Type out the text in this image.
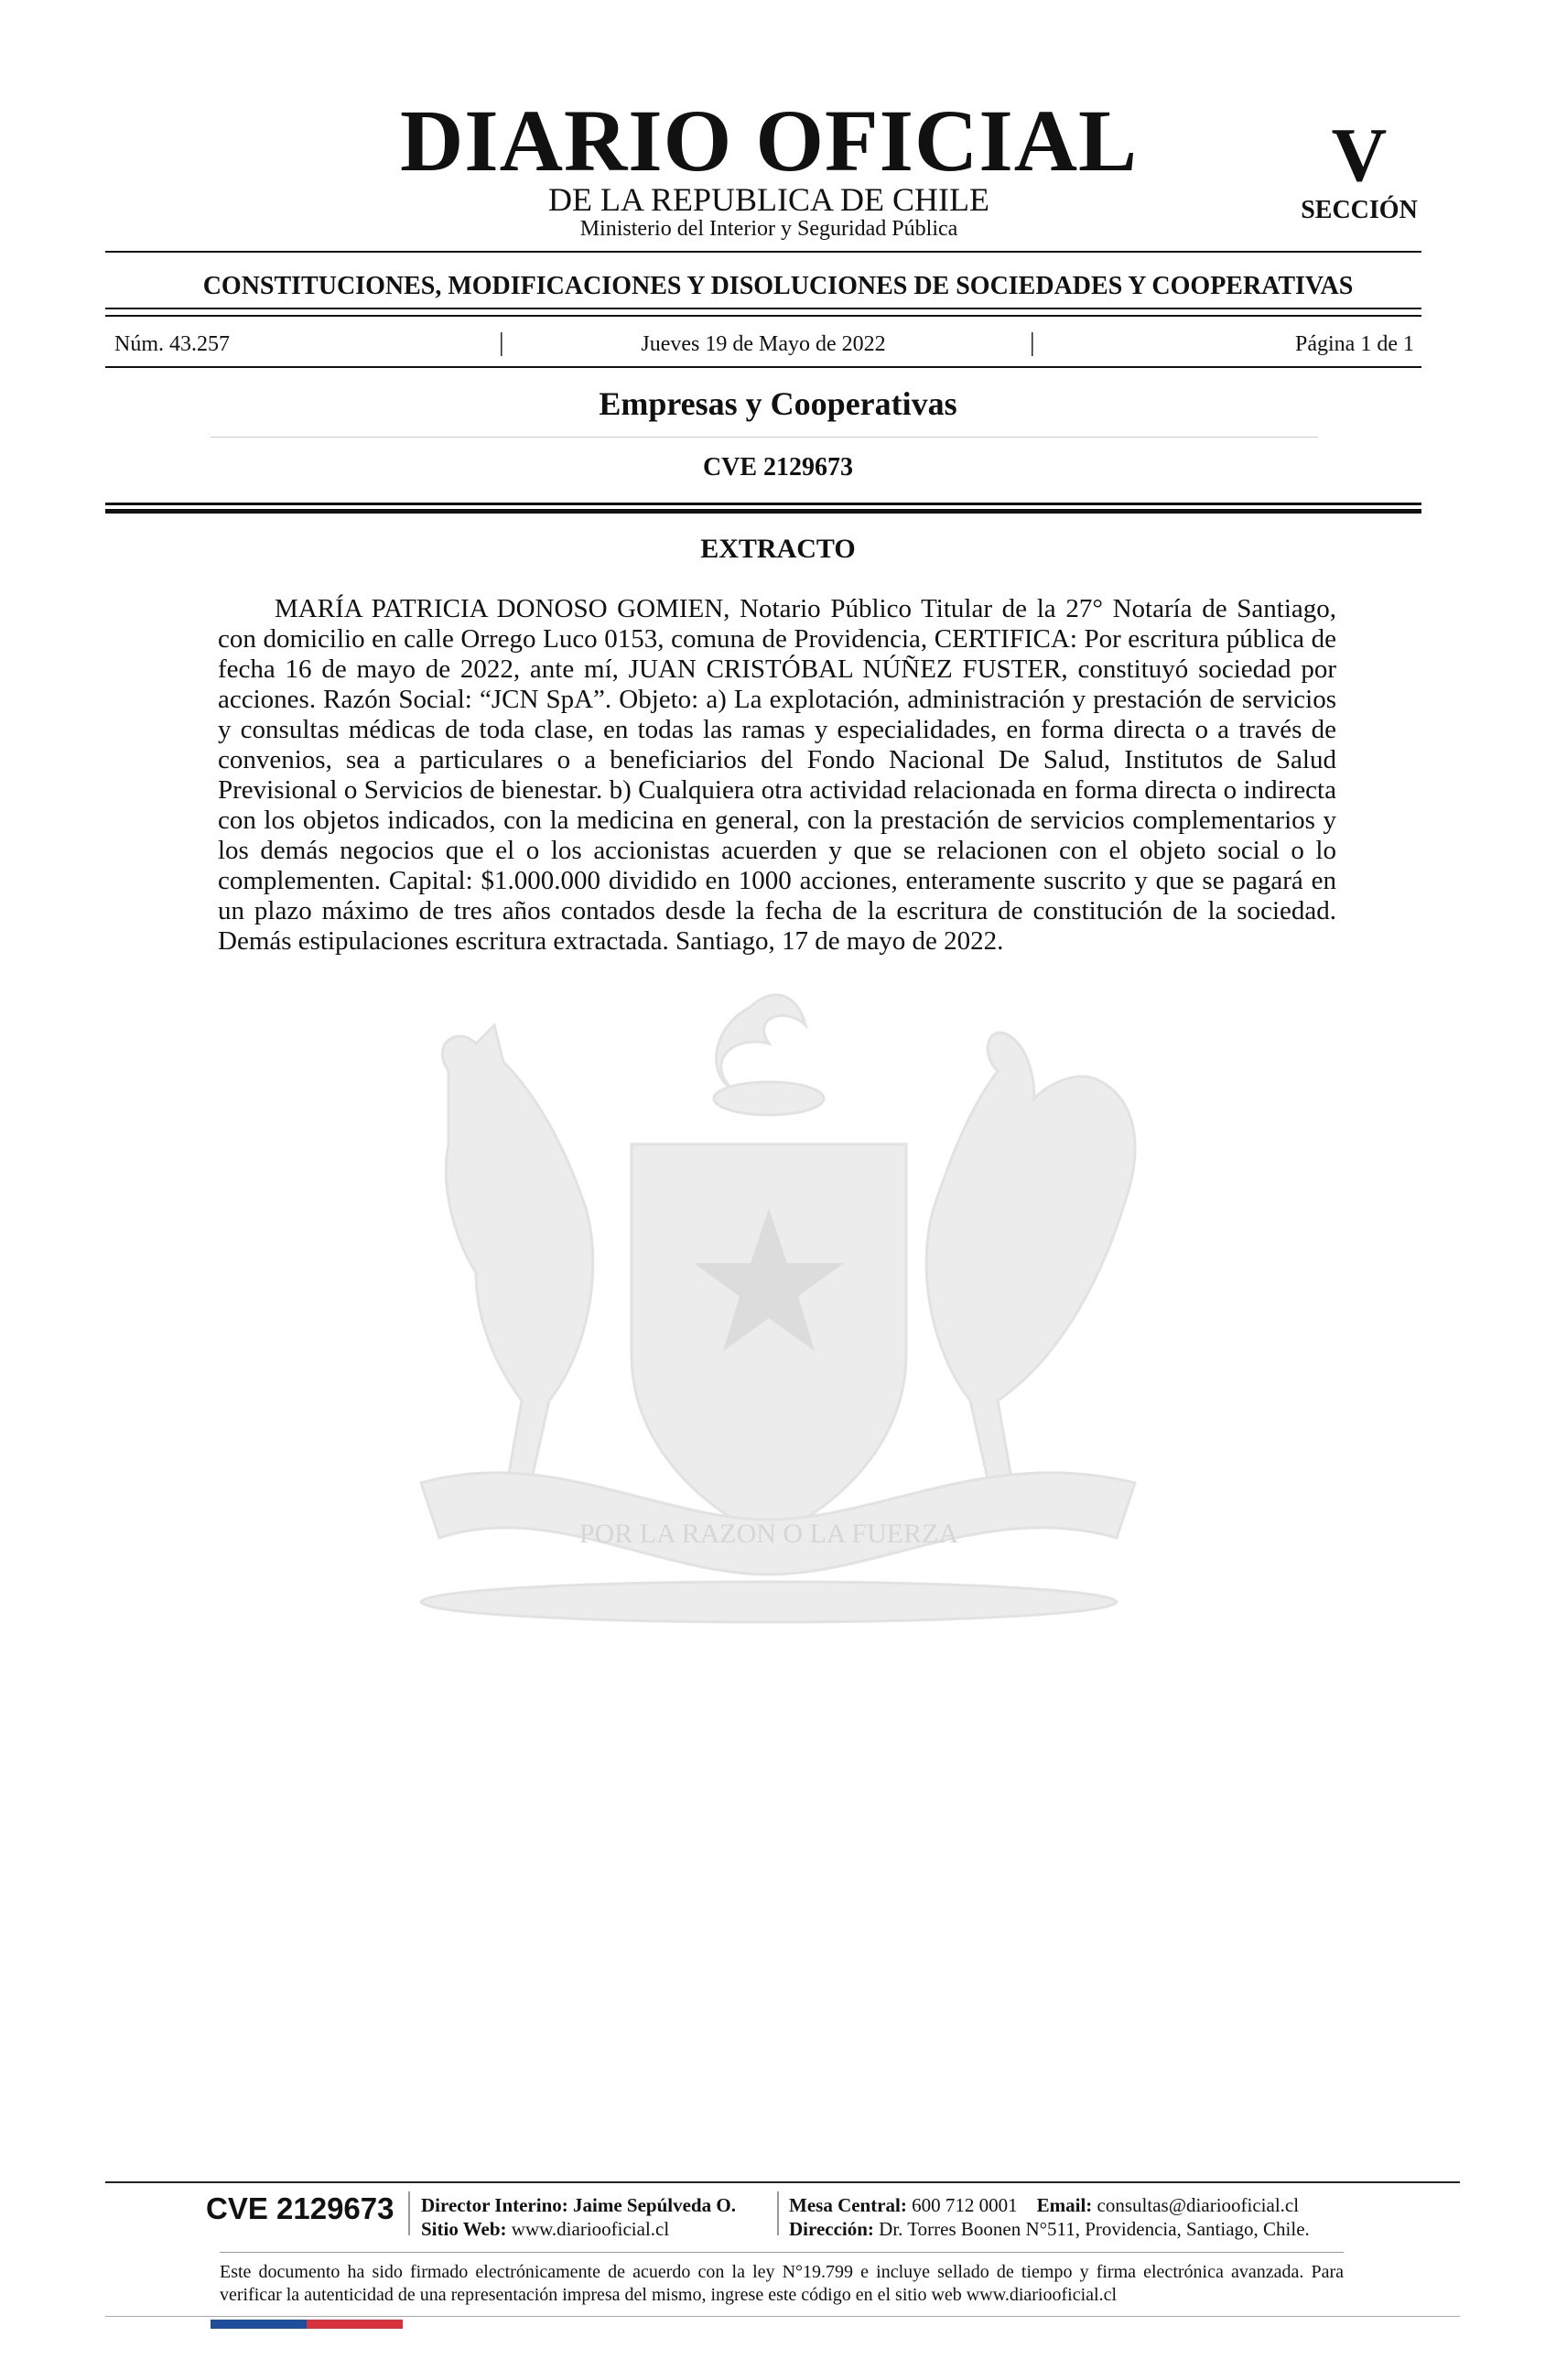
DIARIO OFICIAL
DE LA REPUBLICA DE CHILE
Ministerio del Interior y Seguridad Pública
V
SECCIÓN
CONSTITUCIONES, MODIFICACIONES Y DISOLUCIONES DE SOCIEDADES Y COOPERATIVAS
Núm. 43.257	|	Jueves 19 de Mayo de 2022	|	Página 1 de 1
Empresas y Cooperativas
CVE 2129673
EXTRACTO
MARÍA PATRICIA DONOSO GOMIEN, Notario Público Titular de la 27° Notaría de Santiago, con domicilio en calle Orrego Luco 0153, comuna de Providencia, CERTIFICA: Por escritura pública de fecha 16 de mayo de 2022, ante mí, JUAN CRISTÓBAL NÚÑEZ FUSTER, constituyó sociedad por acciones. Razón Social: “JCN SpA”. Objeto: a) La explotación, administración y prestación de servicios y consultas médicas de toda clase, en todas las ramas y especialidades, en forma directa o a través de convenios, sea a particulares o a beneficiarios del Fondo Nacional De Salud, Institutos de Salud Previsional o Servicios de bienestar. b) Cualquiera otra actividad relacionada en forma directa o indirecta con los objetos indicados, con la medicina en general, con la prestación de servicios complementarios y los demás negocios que el o los accionistas acuerden y que se relacionen con el objeto social o lo complementen. Capital: $1.000.000 dividido en 1000 acciones, enteramente suscrito y que se pagará en un plazo máximo de tres años contados desde la fecha de la escritura de constitución de la sociedad. Demás estipulaciones escritura extractada. Santiago, 17 de mayo de 2022.
POR LA RAZON O LA FUERZA
CVE 2129673 Director Interino: Jaime Sepúlveda O.
Sitio Web: www.diariooficial.cl
Mesa Central: 600 712 0001 Email: consultas@diariooficial.cl
Dirección: Dr. Torres Boonen N°511, Providencia, Santiago, Chile.
Este documento ha sido firmado electrónicamente de acuerdo con la ley N°19.799 e incluye sellado de tiempo y firma electrónica avanzada. Para verificar la autenticidad de una representación impresa del mismo, ingrese este código en el sitio web www.diariooficial.cl
